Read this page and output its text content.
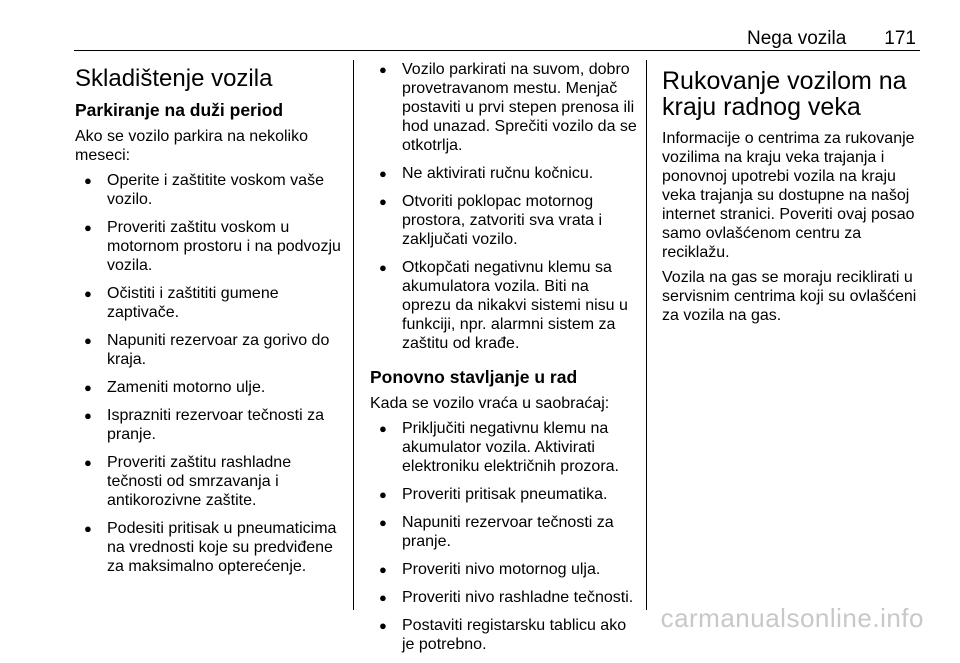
Nega vozila 171
Skladištenje vozila
Parkiranje na duži period

Ako se vozilo parkira na nekoliko meseci:

● Operite i zaštitite voskom vaše vozilo.
● Proveriti zaštitu voskom u motornom prostoru i na podvozju vozila.
● Očistiti i zaštititi gumene zaptivače.
● Napuniti rezervoar za gorivo do kraja.
● Zameniti motorno ulje.
● Isprazniti rezervoar tečnosti za pranje.
● Proveriti zaštitu rashladne tečnosti od smrzavanja i antikorozivne zaštite.
● Podesiti pritisak u pneumaticima na vrednosti koje su predviđene za maksimalno opterećenje.
● Vozilo parkirati na suvom, dobro provetravanom mestu. Menjač postaviti u prvi stepen prenosa ili hod unazad. Sprečiti vozilo da se otkotrlja.
● Ne aktivirati ručnu kočnicu.
● Otvoriti poklopac motornog prostora, zatvoriti sva vrata i zaključati vozilo.
● Otkopčati negativnu klemu sa akumulatora vozila. Biti na oprezu da nikakvi sistemi nisu u funkciji, npr. alarmni sistem za zaštitu od krađe.
Ponovno stavljanje u rad

Kada se vozilo vraća u saobraćaj:

● Priključiti negativnu klemu na akumulator vozila. Aktivirati elektroniku električnih prozora.
● Proveriti pritisak pneumatika.
● Napuniti rezervoar tečnosti za pranje.
● Proveriti nivo motornog ulja.
● Proveriti nivo rashladne tečnosti.
● Postaviti registarsku tablicu ako je potrebno.
Rukovanje vozilom na kraju radnog veka

Informacije o centrima za rukovanje vozilima na kraju veka trajanja i ponovnoj upotrebi vozila na kraju veka trajanja su dostupne na našoj internet stranici. Poveriti ovaj posao samo ovlašćenom centru za reciklažu.

Vozila na gas se moraju reciklirati u servisnim centrima koji su ovlašćeni za vozila na gas.

carmanualsonline.info
